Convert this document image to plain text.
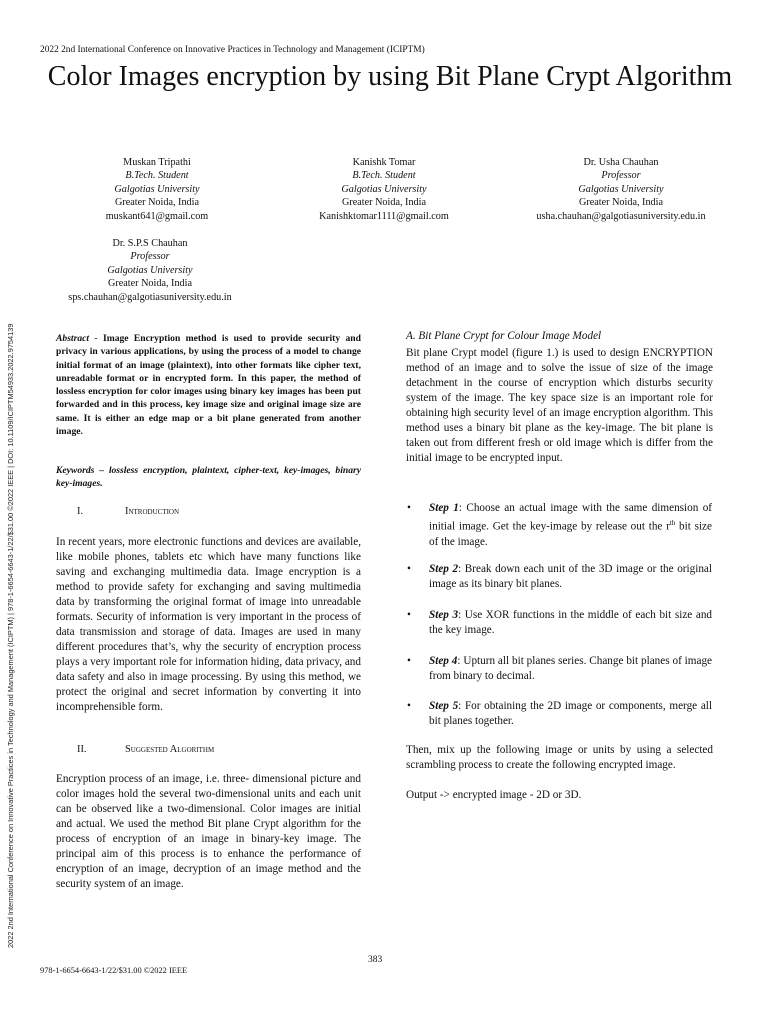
2022 2nd International Conference on Innovative Practices in Technology and Management (ICIPTM)
Color Images encryption by using Bit Plane Crypt Algorithm
2022 2nd International Conference on Innovative Practices in Technology and Management (ICIPTM) | 978-1-6654-6643-1/22/$31.00 ©2022 IEEE | DOI: 10.1109/ICIPTM54933.2022.9754139
Muskan Tripathi
B.Tech. Student
Galgotias University
Greater Noida, India
muskant641@gmail.com
Kanishk Tomar
B.Tech. Student
Galgotias University
Greater Noida, India
Kanishktomar1111@gmail.com
Dr. Usha Chauhan
Professor
Galgotias University
Greater Noida, India
usha.chauhan@galgotiasuniversity.edu.in
Dr. S.P.S Chauhan
Professor
Galgotias University
Greater Noida, India
sps.chauhan@galgotiasuniversity.edu.in
Abstract - Image Encryption method is used to provide security and privacy in various applications, by using the process of a model to change initial format of an image (plaintext), into other formats like cipher text, unreadable format or in encrypted form. In this paper, the method of lossless encryption for color images using binary key images has been put forwarded and in this process, key image size and original image size are same. It is either an edge map or a bit plane generated from another image.
Keywords – lossless encryption, plaintext, cipher-text, key-images, binary key-images.
I.	Introduction
In recent years, more electronic functions and devices are available, like mobile phones, tablets etc which have many functions like saving and exchanging multimedia data. Image encryption is a method to provide safety for exchanging and saving multimedia data by transforming the original format of image into unreadable formats. Security of information is very important in the process of data transmission and storage of data. Images are used in many different procedures that’s, why the security of encryption process plays a very important role for information hiding, data privacy, and data safety and also in image processing. By using this method, we protect the original and secret information by converting it into incomprehensible form.
II.	Suggested Algorithm
Encryption process of an image, i.e. three- dimensional picture and color images hold the several two-dimensional units and each unit can be observed like a two-dimensional. Color images are initial and actual. We used the method Bit plane Crypt algorithm for the process of encryption of an image in binary-key image. The principal aim of this process is to enhance the performance of encryption of an image, decryption of an image method and the security system of an image.
A. Bit Plane Crypt for Colour Image Model
Bit plane Crypt model (figure 1.) is used to design ENCRYPTION method of an image and to solve the issue of size of the image detachment in the course of encryption which disturbs security system of the image. The key space size is an important role for obtaining high security level of an image encryption algorithm. This method uses a binary bit plane as the key-image. The bit plane is taken out from different fresh or old image which is differ from the initial image to be encrypted input.
• Step 1: Choose an actual image with the same dimension of initial image. Get the key-image by release out the $r^{th}$ bit size of the image.
• Step 2: Break down each unit of the 3D image or the original image as its binary bit planes.
• Step 3: Use XOR functions in the middle of each bit size and the key image.
• Step 4: Upturn all bit planes series. Change bit planes of image from binary to decimal.
• Step 5: For obtaining the 2D image or components, merge all bit planes together.
Then, mix up the following image or units by using a selected scrambling process to create the following encrypted image.
Output -> encrypted image - 2D or 3D.
383
978-1-6654-6643-1/22/$31.00 ©2022 IEEE
